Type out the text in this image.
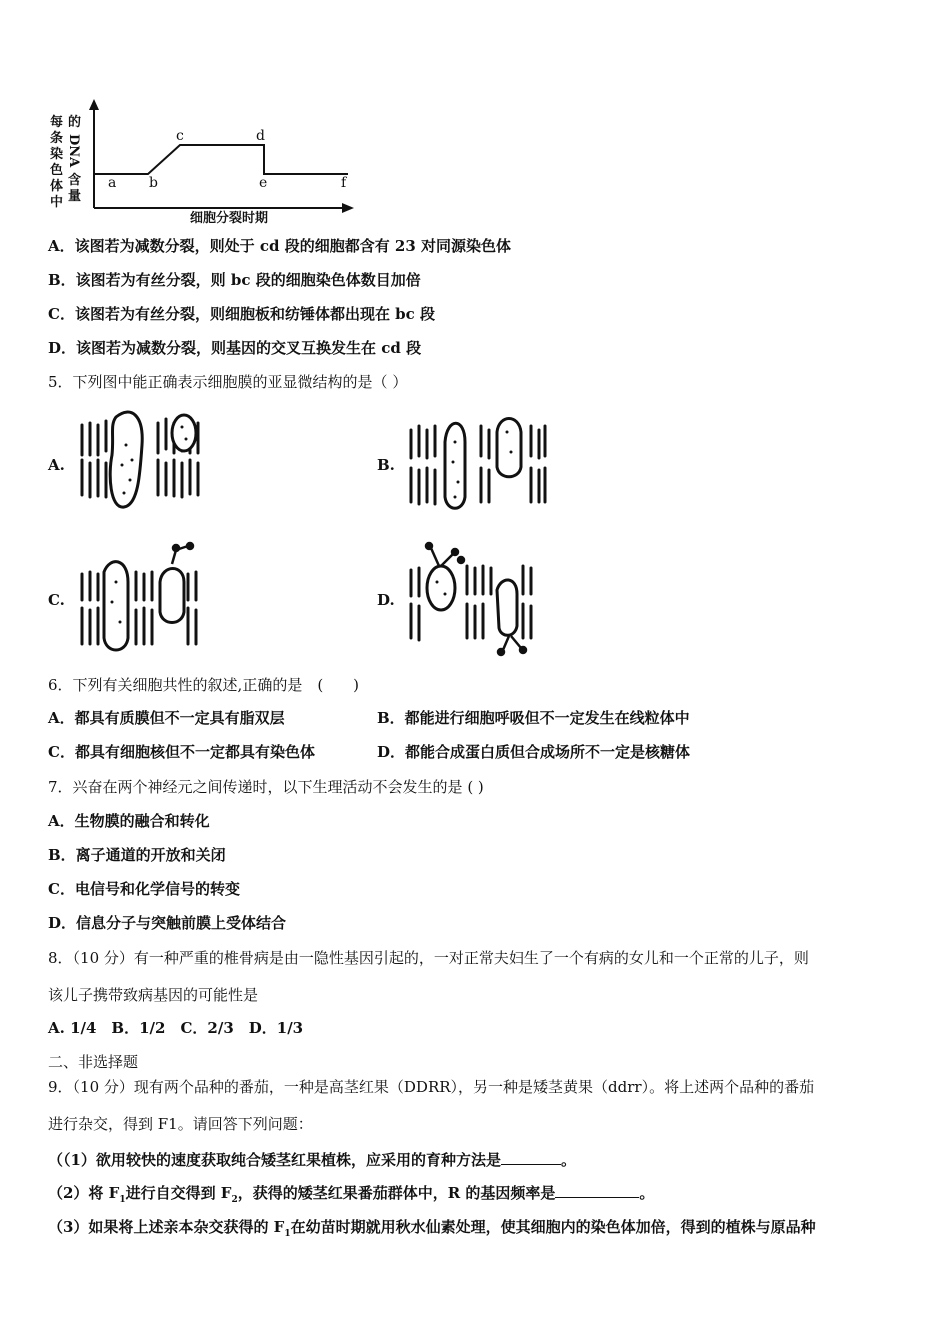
每
条
染
色
体
中
的
DNA
含
量
a b
c	d
e	f
细胞分裂时期
A．该图若为减数分裂，则处于 cd 段的细胞都含有 23 对同源染色体
B．该图若为有丝分裂，则 bc 段的细胞染色体数目加倍
C．该图若为有丝分裂，则细胞板和纺锤体都出现在 bc 段
D．该图若为减数分裂，则基因的交叉互换发生在 cd 段
5．下列图中能正确表示细胞膜的亚显微结构的是（ ）
A.	B.
C.	D.
6．下列有关细胞共性的叙述,正确的是　(　　)
A．都具有质膜但不一定具有脂双层	B．都能进行细胞呼吸但不一定发生在线粒体中
C．都具有细胞核但不一定都具有染色体	D．都能合成蛋白质但合成场所不一定是核糖体
7．兴奋在两个神经元之间传递时，以下生理活动不会发生的是 ( )
A．生物膜的融合和转化
B．离子通道的开放和关闭
C．电信号和化学信号的转变
D．信息分子与突触前膜上受体结合
8．（10 分）有一种严重的椎骨病是由一隐性基因引起的，一对正常夫妇生了一个有病的女儿和一个正常的儿子，则
该儿子携带致病基因的可能性是
A. 1/4　B．1/2　C．2/3　D．1/3
二、非选择题
9．（10 分）现有两个品种的番茄，一种是高茎红果（DDRR），另一种是矮茎黄果（ddrr）。将上述两个品种的番茄
进行杂交，得到 F1。请回答下列问题：
（（1）欲用较快的速度获取纯合矮茎红果植株，应采用的育种方法是	。
（2）将 $F_1$进行自交得到 $F_2$，获得的矮茎红果番茄群体中，R 的基因频率是	。
（3）如果将上述亲本杂交获得的 $F_1$在幼苗时期就用秋水仙素处理，使其细胞内的染色体加倍，得到的植株与原品种
